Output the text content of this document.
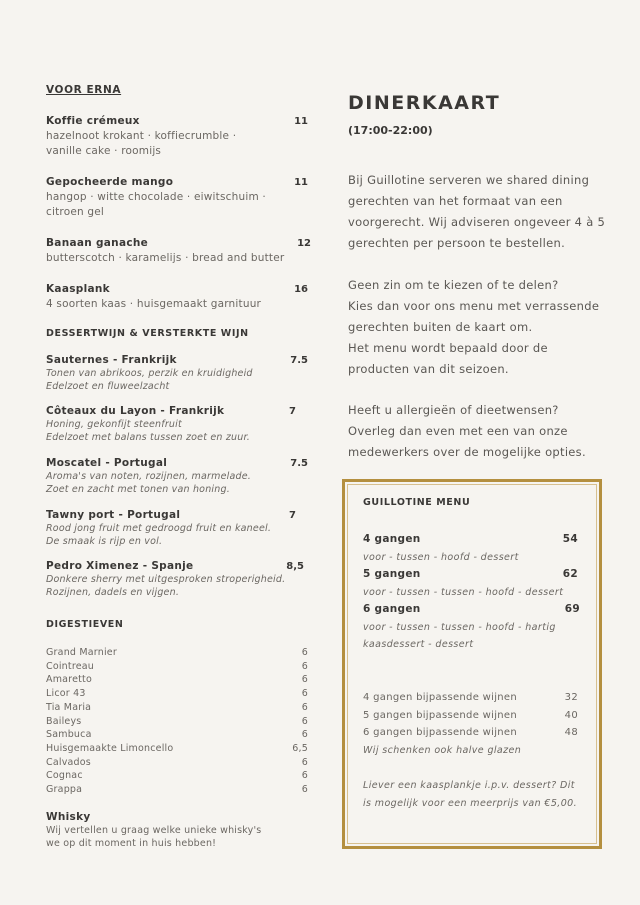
VOOR ERNA
Koffie crémeux	11
hazelnoot krokant · koffiecrumble ·
vanille cake · roomijs
Gepocheerde mango	11
hangop · witte chocolade · eiwitschuim ·
citroen gel
Banaan ganache	12
butterscotch · karamelijs · bread and butter
Kaasplank	16
4 soorten kaas · huisgemaakt garnituur
DESSERTWIJN & VERSTERKTE WIJN
Sauternes - Frankrijk	7.5
Tonen van abrikoos, perzik en kruidigheid
Edelzoet en fluweelzacht
Côteaux du Layon - Frankrijk	7
Honing, gekonfijt steenfruit
Edelzoet met balans tussen zoet en zuur.
Moscatel - Portugal	7.5
Aroma's van noten, rozijnen, marmelade.
Zoet en zacht met tonen van honing.
Tawny port - Portugal	7
Rood jong fruit met gedroogd fruit en kaneel.
De smaak is rijp en vol.
Pedro Ximenez - Spanje	8,5
Donkere sherry met uitgesproken stroperigheid.
Rozijnen, dadels en vijgen.
DIGESTIEVEN
Grand Marnier	6
Cointreau	6
Amaretto	6
Licor 43	6
Tia Maria	6
Baileys	6
Sambuca	6
Huisgemaakte Limoncello	6,5
Calvados	6
Cognac	6
Grappa	6
Whisky
Wij vertellen u graag welke unieke whisky's
we op dit moment in huis hebben!
DINERKAART
(17:00-22:00)
Bij Guillotine serveren we shared dining
gerechten van het formaat van een
voorgerecht. Wij adviseren ongeveer 4 à 5
gerechten per persoon te bestellen.
Geen zin om te kiezen of te delen?
Kies dan voor ons menu met verrassende
gerechten buiten de kaart om.
Het menu wordt bepaald door de
producten van dit seizoen.
Heeft u allergieën of dieetwensen?
Overleg dan even met een van onze
medewerkers over de mogelijke opties.
GUILLOTINE MENU
4 gangen	54
voor - tussen - hoofd - dessert
5 gangen	62
voor - tussen - tussen - hoofd - dessert
6 gangen	69
voor - tussen - tussen - hoofd - hartig
kaasdessert - dessert
4 gangen bijpassende wijnen	32
5 gangen bijpassende wijnen	40
6 gangen bijpassende wijnen	48
Wij schenken ook halve glazen
Liever een kaasplankje i.p.v. dessert? Dit
is mogelijk voor een meerprijs van €5,00.
